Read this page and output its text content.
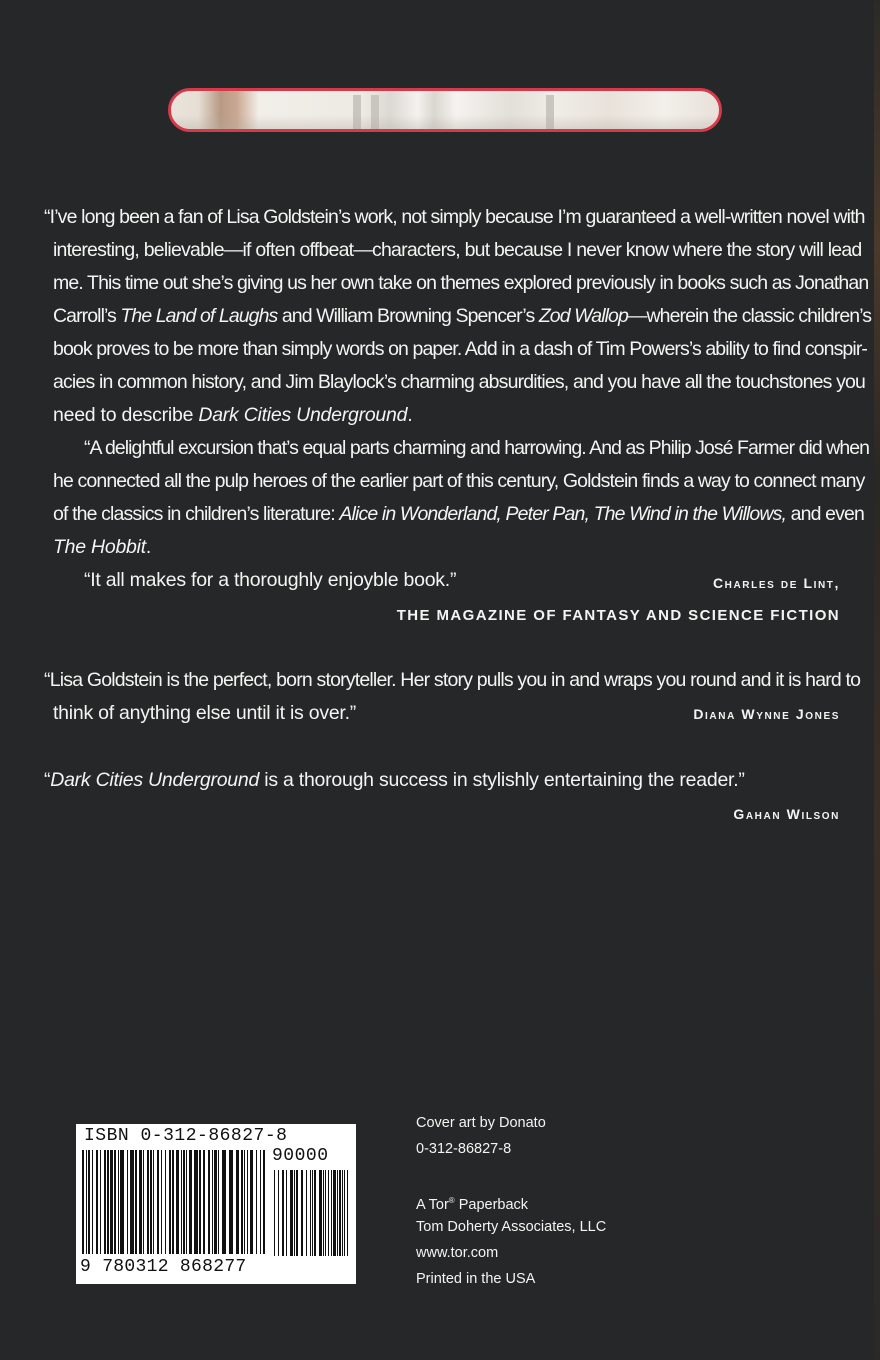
“I’ve long been a fan of Lisa Goldstein’s work, not simply because I’m guaranteed a well-written novel with

interesting, believable—if often offbeat—characters, but because I never know where the story will lead

me. This time out she’s giving us her own take on themes explored previously in books such as Jonathan

Carroll’s The Land of Laughs and William Browning Spencer’s Zod Wallop—wherein the classic children’s

book proves to be more than simply words on paper. Add in a dash of Tim Powers’s ability to find conspir-

acies in common history, and Jim Blaylock’s charming absurdities, and you have all the touchstones you

need to describe Dark Cities Underground.

“A delightful excursion that’s equal parts charming and harrowing. And as Philip José Farmer did when

he connected all the pulp heroes of the earlier part of this century, Goldstein finds a way to connect many

of the classics in children’s literature: Alice in Wonderland, Peter Pan, The Wind in the Willows, and even

The Hobbit.

“It all makes for a thoroughly enjoyble book.”	Charles de Lint,
THE MAGAZINE OF FANTASY AND SCIENCE FICTION

“Lisa Goldstein is the perfect, born storyteller. Her story pulls you in and wraps you round and it is hard to

think of anything else until it is over.”	Diana Wynne Jones

“Dark Cities Underground is a thorough success in stylishly entertaining the reader.”

Gahan Wilson
ISBN 0-312-86827-8
90000
9 780312 868277
Cover art by Donato
0-312-86827-8
A Tor® Paperback
Tom Doherty Associates, LLC
www.tor.com
Printed in the USA
